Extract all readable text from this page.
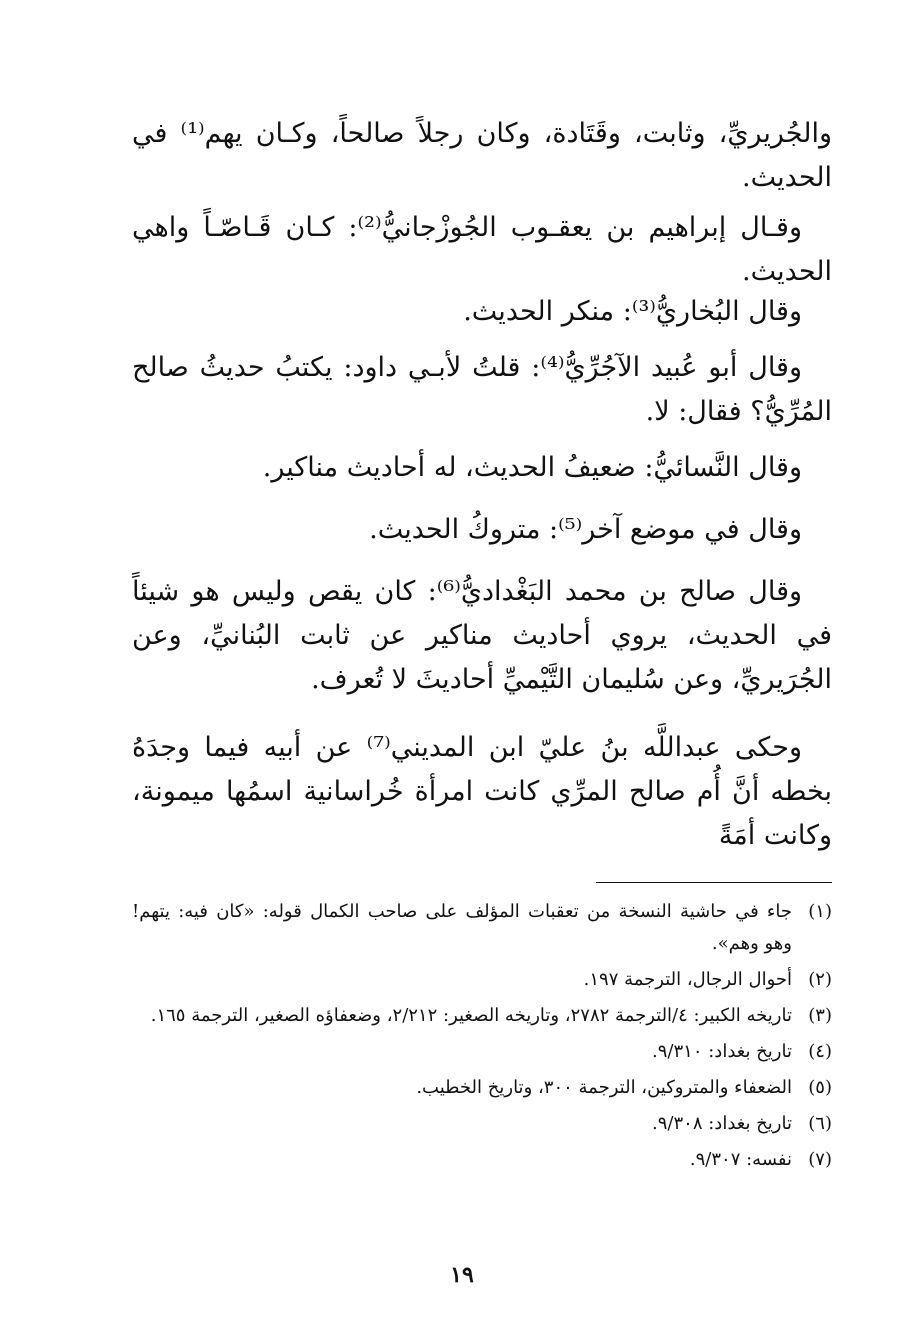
والجُريريِّ، وثابت، وقَتَادة، وكان رجلاً صالحاً، وكـان يهم⁽¹⁾ في الحديث.

وقـال إبراهيم بن يعقـوب الجُوزْجانيُّ⁽²⁾: كـان قَـاصّـاً واهي الحديث.

وقال البُخاريُّ⁽³⁾: منكر الحديث.

وقال أبو عُبيد الآجُرِّيُّ⁽⁴⁾: قلتُ لأبـي داود: يكتبُ حديثُ صالح المُرِّيُّ؟ فقال: لا.

وقال النَّسائيُّ: ضعيفُ الحديث، له أحاديث مناكير.

وقال في موضع آخر⁽⁵⁾: متروكُ الحديث.

وقال صالح بن محمد البَغْداديُّ⁽⁶⁾: كان يقص وليس هو شيئاً في الحديث، يروي أحاديث مناكير عن ثابت البُنانيِّ، وعن الجُرَيريِّ، وعن سُليمان التَّيْميِّ أحاديثَ لا تُعرف.

وحكى عبداللَّه بنُ عليّ ابن المديني⁽⁷⁾ عن أبيه فيما وجدَهُ بخطه أنَّ أُم صالح المرِّي كانت امرأة خُراسانية اسمُها ميمونة، وكانت أمَةً

(١)
جاء في حاشية النسخة من تعقبات المؤلف على صاحب الكمال قوله: «كان فيه: يتهم! وهو وهم».
(٢)
أحوال الرجال، الترجمة ١٩٧.
(٣)
تاريخه الكبير: ٤/الترجمة ٢٧٨٢، وتاريخه الصغير: ٢/٢١٢، وضعفاؤه الصغير، الترجمة ١٦٥.
(٤)
تاريخ بغداد: ٩/٣١٠.
(٥)
الضعفاء والمتروكين، الترجمة ٣٠٠، وتاريخ الخطيب.
(٦)
تاريخ بغداد: ٩/٣٠٨.
(٧)
نفسه: ٩/٣٠٧.
١٩
